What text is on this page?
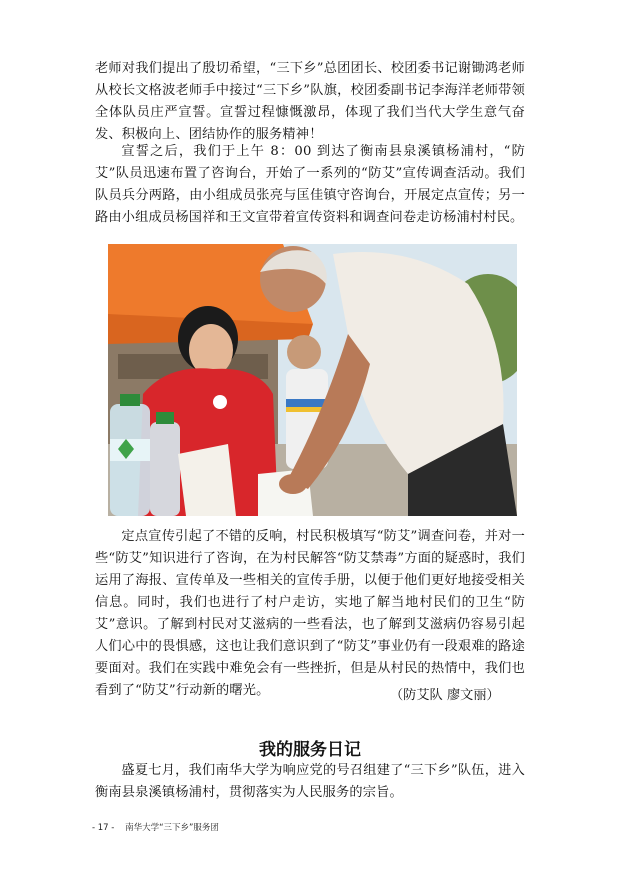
老师对我们提出了殷切希望，“三下乡”总团团长、校团委书记谢锄鸿老师从校长文格波老师手中接过“三下乡”队旗，校团委副书记李海洋老师带领全体队员庄严宣誓。宣誓过程慷慨激昂，体现了我们当代大学生意气奋发、积极向上、团结协作的服务精神！

宣誓之后，我们于上午 8：00 到达了衡南县泉溪镇杨浦村，“防艾”队员迅速布置了咨询台，开始了一系列的“防艾”宣传调查活动。我们队员兵分两路，由小组成员张亮与匡佳镇守咨询台，开展定点宣传；另一路由小组成员杨国祥和王文宣带着宣传资料和调查问卷走访杨浦村村民。

定点宣传引起了不错的反响，村民积极填写“防艾”调查问卷，并对一些“防艾”知识进行了咨询，在为村民解答“防艾禁毒”方面的疑惑时，我们运用了海报、宣传单及一些相关的宣传手册，以便于他们更好地接受相关信息。同时，我们也进行了村户走访，实地了解当地村民们的卫生“防艾”意识。了解到村民对艾滋病的一些看法，也了解到艾滋病仍容易引起人们心中的畏惧感，这也让我们意识到了“防艾”事业仍有一段艰难的路途要面对。我们在实践中难免会有一些挫折，但是从村民的热情中，我们也看到了“防艾”行动新的曙光。	（防艾队 廖文丽）

我的服务日记

盛夏七月，我们南华大学为响应党的号召组建了“三下乡”队伍，进入衡南县泉溪镇杨浦村，贯彻落实为人民服务的宗旨。

- 17 - 南华大学“三下乡”服务团
